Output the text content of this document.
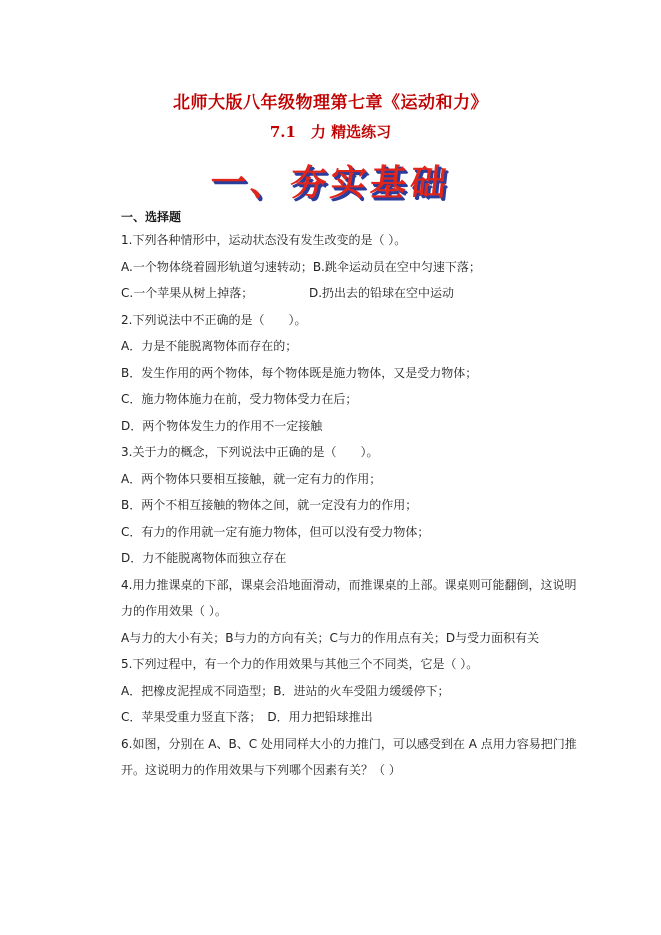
北师大版八年级物理第七章《运动和力》
7.1　力 精选练习
一、夯实基础
一、选择题
1.下列各种情形中，运动状态没有发生改变的是（ ）。
A.一个物体绕着圆形轨道匀速转动；B.跳伞运动员在空中匀速下落；
C.一个苹果从树上掉落；	D.扔出去的铅球在空中运动
2.下列说法中不正确的是（　　）。
A．力是不能脱离物体而存在的；
B．发生作用的两个物体，每个物体既是施力物体，又是受力物体；
C．施力物体施力在前，受力物体受力在后；
D．两个物体发生力的作用不一定接触
3.关于力的概念，下列说法中正确的是（　　）。
A．两个物体只要相互接触，就一定有力的作用；
B．两个不相互接触的物体之间，就一定没有力的作用；
C．有力的作用就一定有施力物体，但可以没有受力物体；
D．力不能脱离物体而独立存在
4.用力推课桌的下部，课桌会沿地面滑动，而推课桌的上部。课桌则可能翻倒，这说明
力的作用效果（ ）。
A与力的大小有关；B与力的方向有关；C与力的作用点有关；D与受力面积有关
5.下列过程中，有一个力的作用效果与其他三个不同类，它是（ ）。
A．把橡皮泥捏成不同造型；B．进站的火车受阻力缓缓停下；
C．苹果受重力竖直下落；　D．用力把铅球推出
6.如图，分别在 A、B、C 处用同样大小的力推门，可以感受到在 A 点用力容易把门推
开。这说明力的作用效果与下列哪个因素有关？（ ）
